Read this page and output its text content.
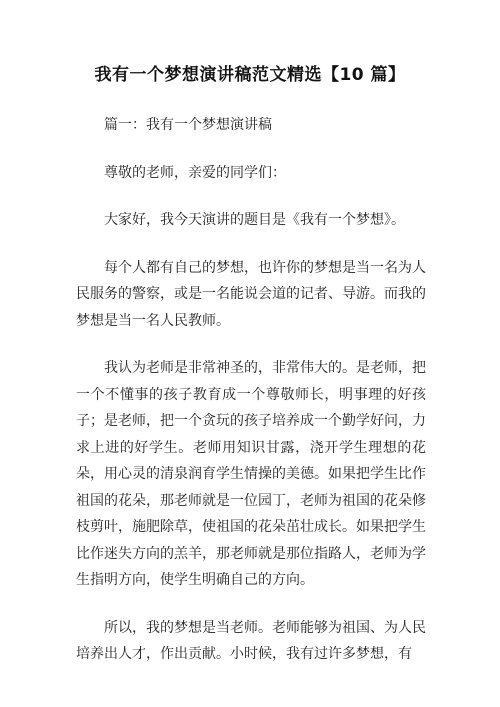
我有一个梦想演讲稿范文精选【10 篇】

篇一：我有一个梦想演讲稿

尊敬的老师，亲爱的同学们：

大家好，我今天演讲的题目是《我有一个梦想》。

每个人都有自己的梦想，也许你的梦想是当一名为人民服务的警察，或是一名能说会道的记者、导游。而我的梦想是当一名人民教师。

我认为老师是非常神圣的，非常伟大的。是老师，把一个不懂事的孩子教育成一个尊敬师长，明事理的好孩子；是老师，把一个贪玩的孩子培养成一个勤学好问，力求上进的好学生。老师用知识甘露，浇开学生理想的花朵，用心灵的清泉润育学生情操的美德。如果把学生比作祖国的花朵，那老师就是一位园丁，老师为祖国的花朵修枝剪叶，施肥除草，使祖国的花朵茁壮成长。如果把学生比作迷失方向的羔羊，那老师就是那位指路人，老师为学生指明方向，使学生明确自己的方向。

所以，我的梦想是当老师。老师能够为祖国、为人民培养出人才，作出贡献。小时候，我有过许多梦想，有
